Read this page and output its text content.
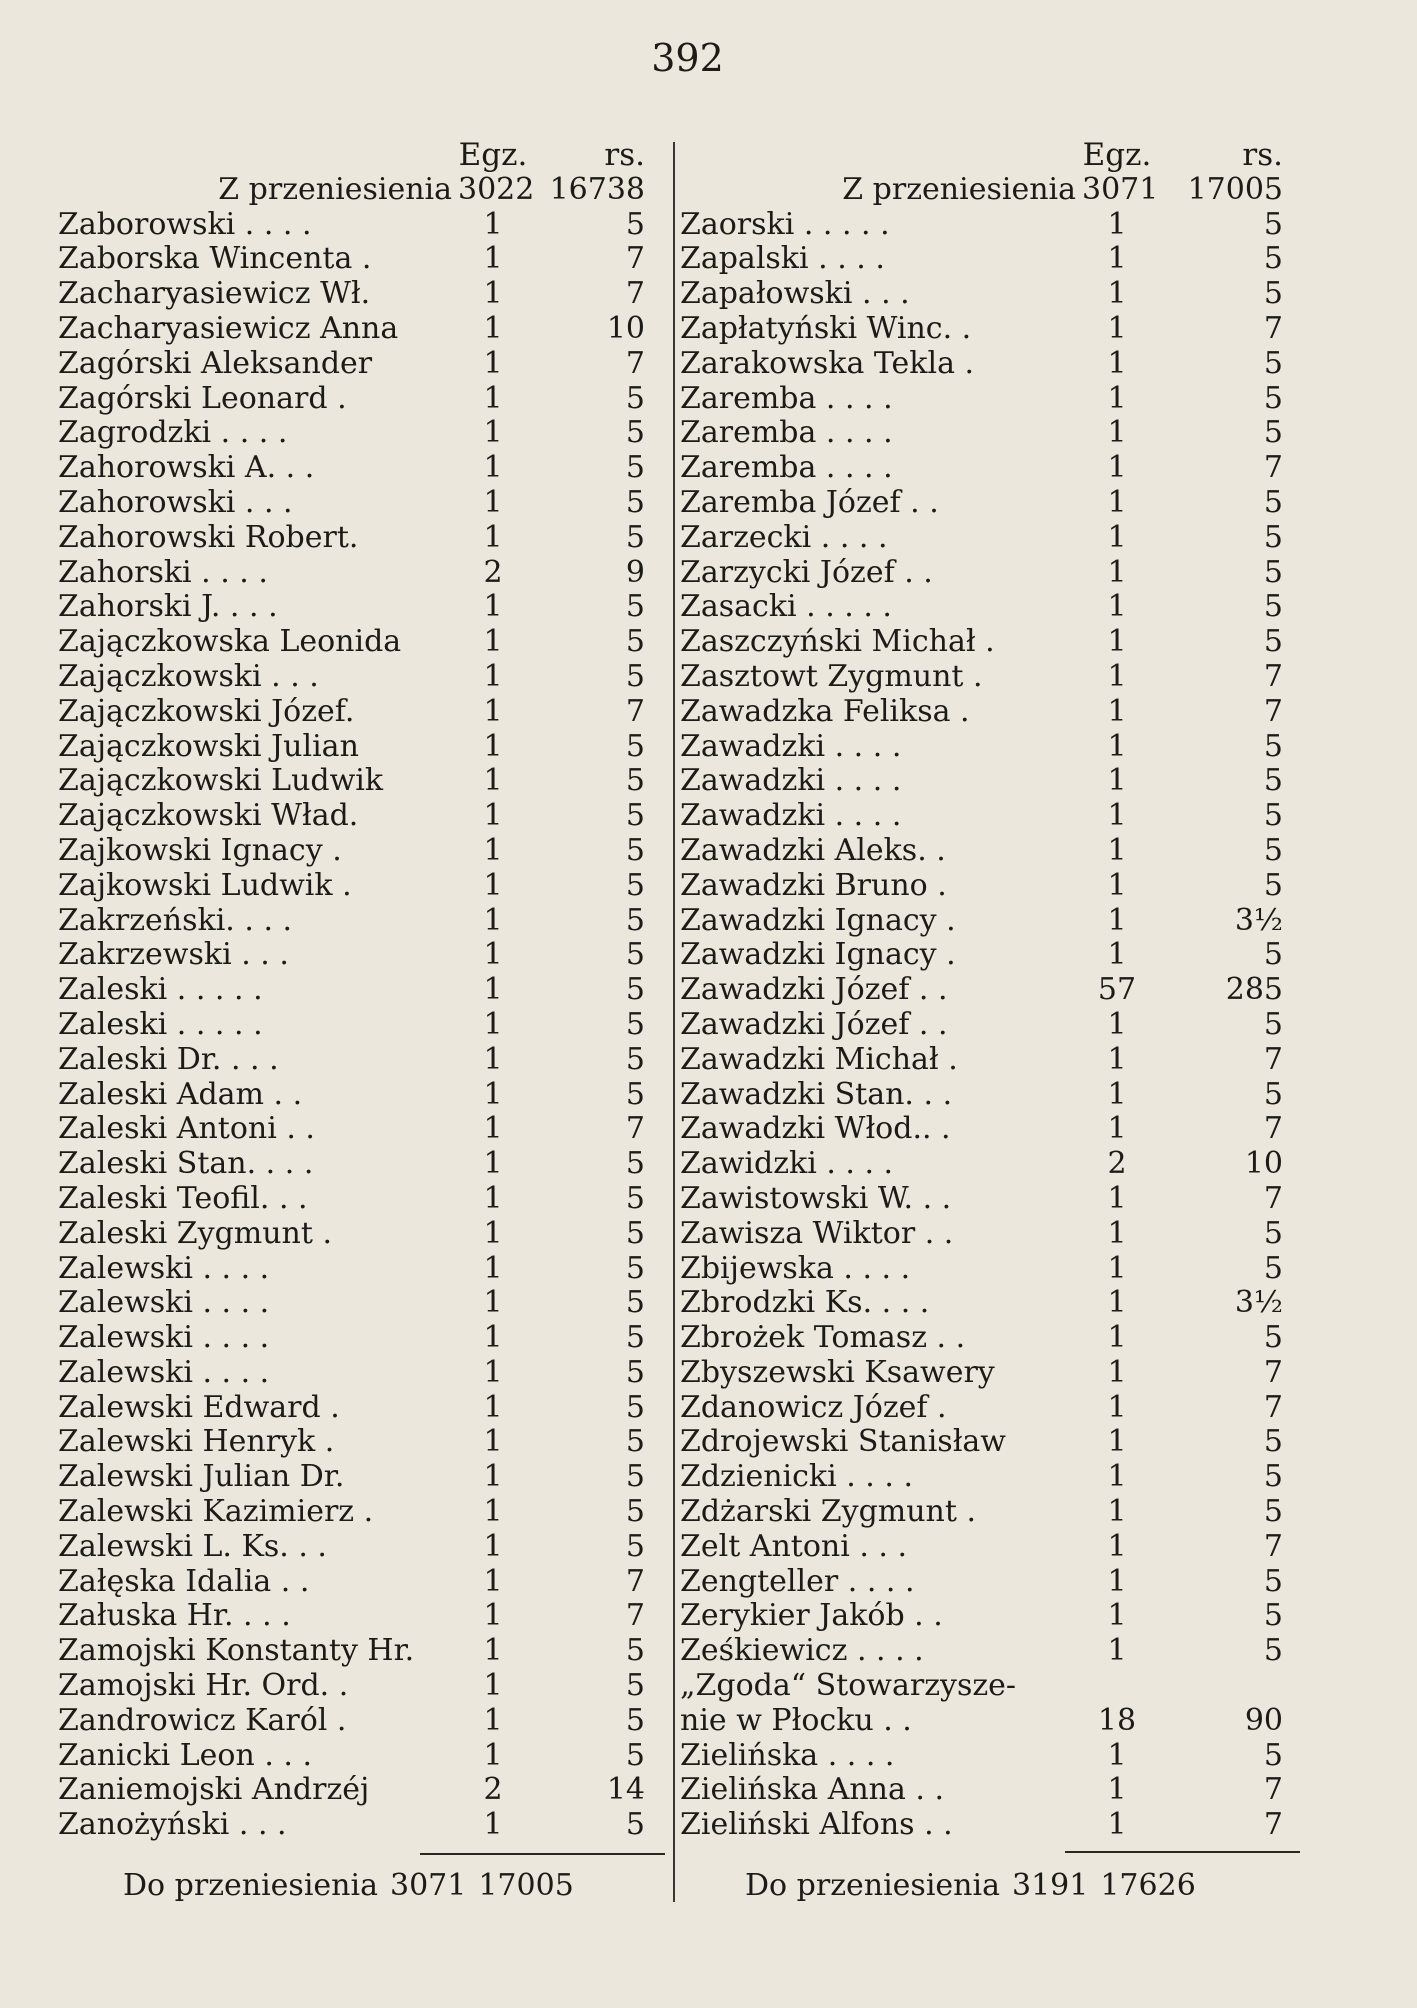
392
Egz.	rs.
Z przeniesienia 3022 16738
Zaborowski . . . .	1	5
Zaborska Wincenta .	1	7
Zacharyasiewicz Wł.	1	7
Zacharyasiewicz Anna	1	10
Zagórski Aleksander	1	7
Zagórski Leonard .	1	5
Zagrodzki . . . .	1	5
Zahorowski A. . .	1	5
Zahorowski . . .	1	5
Zahorowski Robert.	1	5
Zahorski . . . .	2	9
Zahorski J. . . .	1	5
Zajączkowska Leonida	1	5
Zajączkowski . . .	1	5
Zajączkowski Józef.	1	7
Zajączkowski Julian	1	5
Zajączkowski Ludwik	1	5
Zajączkowski Wład.	1	5
Zajkowski Ignacy .	1	5
Zajkowski Ludwik .	1	5
Zakrzeński. . . .	1	5
Zakrzewski . . .	1	5
Zaleski . . . . .	1	5
Zaleski . . . . .	1	5
Zaleski Dr. . . .	1	5
Zaleski Adam . .	1	5
Zaleski Antoni . .	1	7
Zaleski Stan. . . .	1	5
Zaleski Teofil. . .	1	5
Zaleski Zygmunt .	1	5
Zalewski . . . .	1	5
Zalewski . . . .	1	5
Zalewski . . . .	1	5
Zalewski . . . .	1	5
Zalewski Edward .	1	5
Zalewski Henryk .	1	5
Zalewski Julian Dr.	1	5
Zalewski Kazimierz .	1	5
Zalewski L. Ks. . .	1	5
Załęska Idalia . .	1	7
Załuska Hr. . . .	1	7
Zamojski Konstanty Hr.	1	5
Zamojski Hr. Ord. .	1	5
Zandrowicz Karól .	1	5
Zanicki Leon . . .	1	5
Zaniemojski Andrzéj	2	14
Zanożyński . . .	1	5
Egz.	rs.
Z przeniesienia 3071 17005
Zaorski . . . . .	1	5
Zapalski . . . .	1	5
Zapałowski . . .	1	5
Zapłatyński Winc. .	1	7
Zarakowska Tekla .	1	5
Zaremba . . . .	1	5
Zaremba . . . .	1	5
Zaremba . . . .	1	7
Zaremba Józef . .	1	5
Zarzecki . . . .	1	5
Zarzycki Józef . .	1	5
Zasacki . . . . .	1	5
Zaszczyński Michał .	1	5
Zasztowt Zygmunt .	1	7
Zawadzka Feliksa .	1	7
Zawadzki . . . .	1	5
Zawadzki . . . .	1	5
Zawadzki . . . .	1	5
Zawadzki Aleks. .	1	5
Zawadzki Bruno .	1	5
Zawadzki Ignacy .	1	3½
Zawadzki Ignacy .	1	5
Zawadzki Józef . .	57	285
Zawadzki Józef . .	1	5
Zawadzki Michał .	1	7
Zawadzki Stan. . .	1	5
Zawadzki Włod.. .	1	7
Zawidzki . . . .	2	10
Zawistowski W. . .	1	7
Zawisza Wiktor . .	1	5
Zbijewska . . . .	1	5
Zbrodzki Ks. . . .	1	3½
Zbrożek Tomasz . .	1	5
Zbyszewski Ksawery	1	7
Zdanowicz Józef .	1	7
Zdrojewski Stanisław	1	5
Zdzienicki . . . .	1	5
Zdżarski Zygmunt .	1	5
Zelt Antoni . . .	1	7
Zengteller . . . .	1	5
Zerykier Jakób . .	1	5
Ześkiewicz . . . .	1	5
„Zgoda“ Stowarzysze-
nie w Płocku . .	18	90
Zielińska . . . .	1	5
Zielińska Anna . .	1	7
Zieliński Alfons . .	1	7
Do przeniesienia 3071 17005	Do przeniesienia 3191 17626
